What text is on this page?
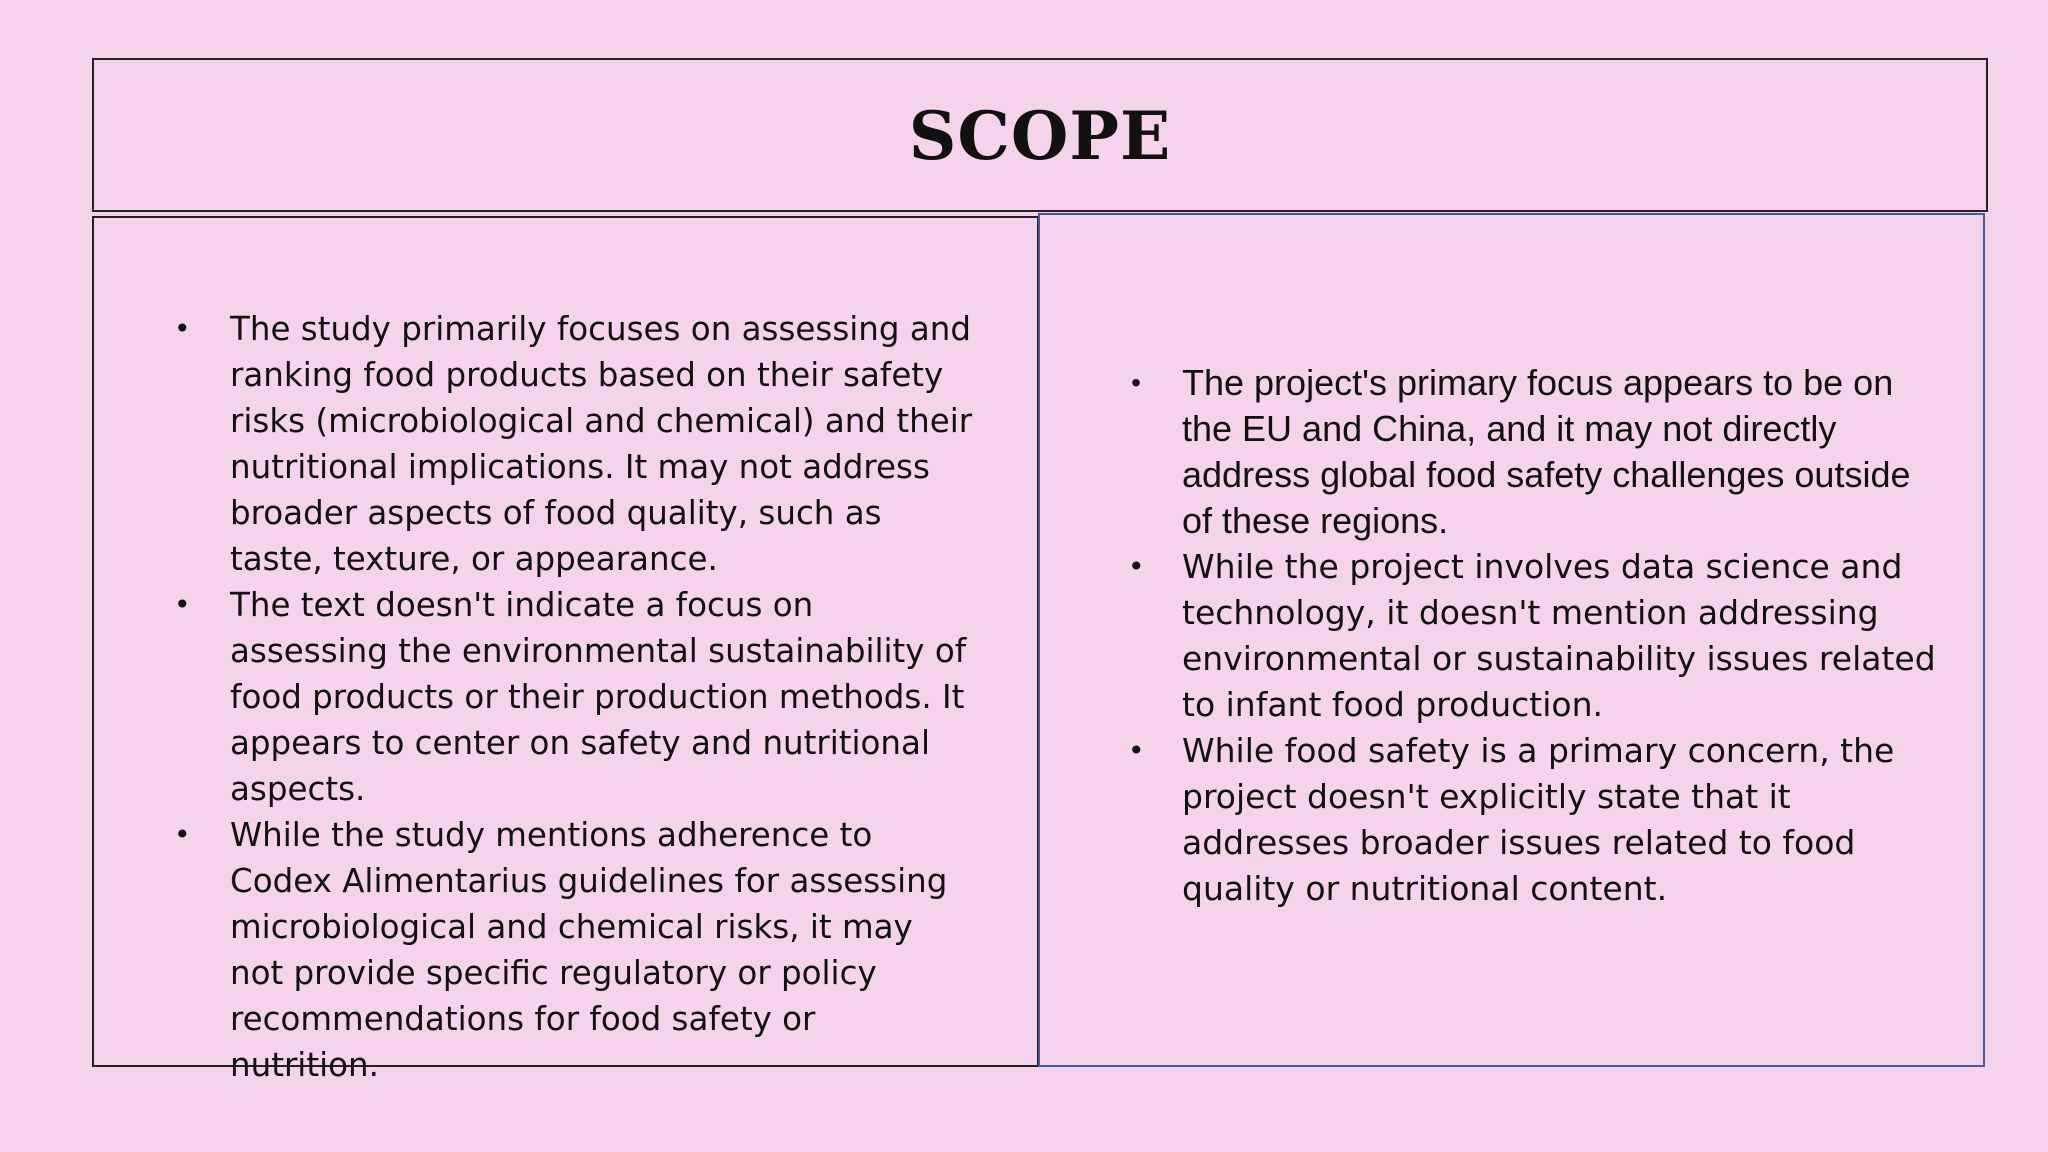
SCOPE
• The study primarily focuses on assessing and ranking food products based on their safety risks (microbiological and chemical) and their nutritional implications. It may not address broader aspects of food quality, such as taste, texture, or appearance.
• The text doesn't indicate a focus on assessing the environmental sustainability of food products or their production methods. It appears to center on safety and nutritional aspects.
• While the study mentions adherence to Codex Alimentarius guidelines for assessing microbiological and chemical risks, it may not provide specific regulatory or policy recommendations for food safety or nutrition.
• The project's primary focus appears to be on the EU and China, and it may not directly address global food safety challenges outside of these regions.
• While the project involves data science and technology, it doesn't mention addressing environmental or sustainability issues related to infant food production.
• While food safety is a primary concern, the project doesn't explicitly state that it addresses broader issues related to food quality or nutritional content.
